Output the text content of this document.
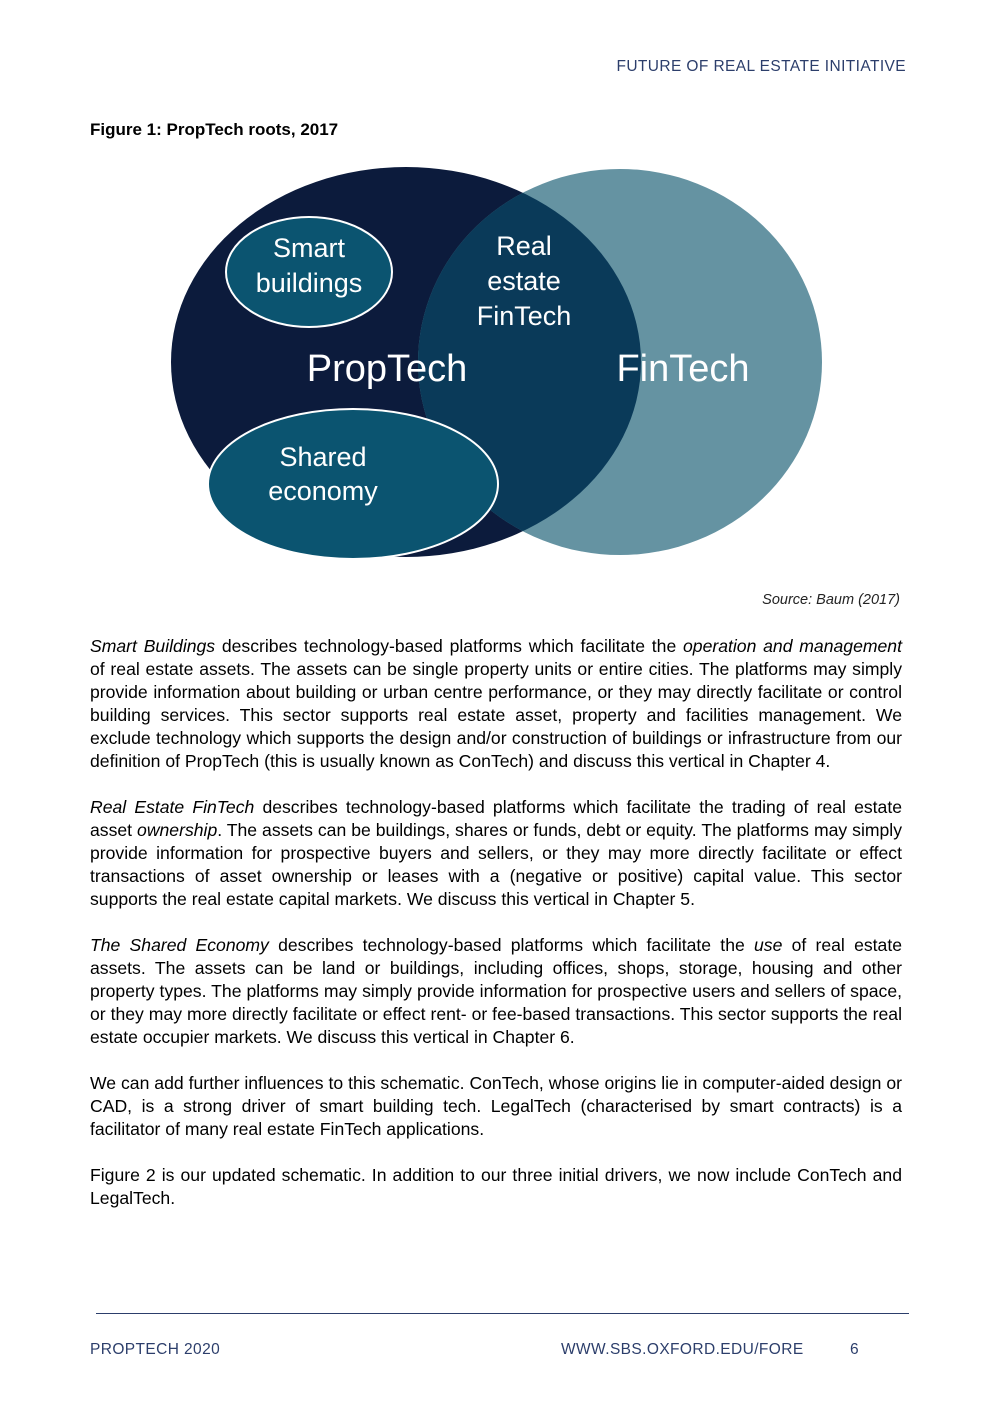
FUTURE OF REAL ESTATE INITIATIVE
Figure 1: PropTech roots, 2017
Smart
buildings
Real
estate
FinTech
PropTech	FinTech
Shared
economy
Source: Baum (2017)

Smart Buildings describes technology-based platforms which facilitate the operation and management of real estate assets. The assets can be single property units or entire cities. The platforms may simply provide information about building or urban centre performance, or they may directly facilitate or control building services. This sector supports real estate asset, property and facilities management. We exclude technology which supports the design and/or construction of buildings or infrastructure from our definition of PropTech (this is usually known as ConTech) and discuss this vertical in Chapter 4.

Real Estate FinTech describes technology-based platforms which facilitate the trading of real estate asset ownership. The assets can be buildings, shares or funds, debt or equity. The platforms may simply provide information for prospective buyers and sellers, or they may more directly facilitate or effect transactions of asset ownership or leases with a (negative or positive) capital value. This sector supports the real estate capital markets. We discuss this vertical in Chapter 5.

The Shared Economy describes technology-based platforms which facilitate the use of real estate assets. The assets can be land or buildings, including offices, shops, storage, housing and other property types. The platforms may simply provide information for prospective users and sellers of space, or they may more directly facilitate or effect rent- or fee-based transactions. This sector supports the real estate occupier markets. We discuss this vertical in Chapter 6.

We can add further influences to this schematic. ConTech, whose origins lie in computer-aided design or CAD, is a strong driver of smart building tech. LegalTech (characterised by smart contracts) is a facilitator of many real estate FinTech applications.

Figure 2 is our updated schematic. In addition to our three initial drivers, we now include ConTech and LegalTech.

PROPTECH 2020	WWW.SBS.OXFORD.EDU/FORE	6
